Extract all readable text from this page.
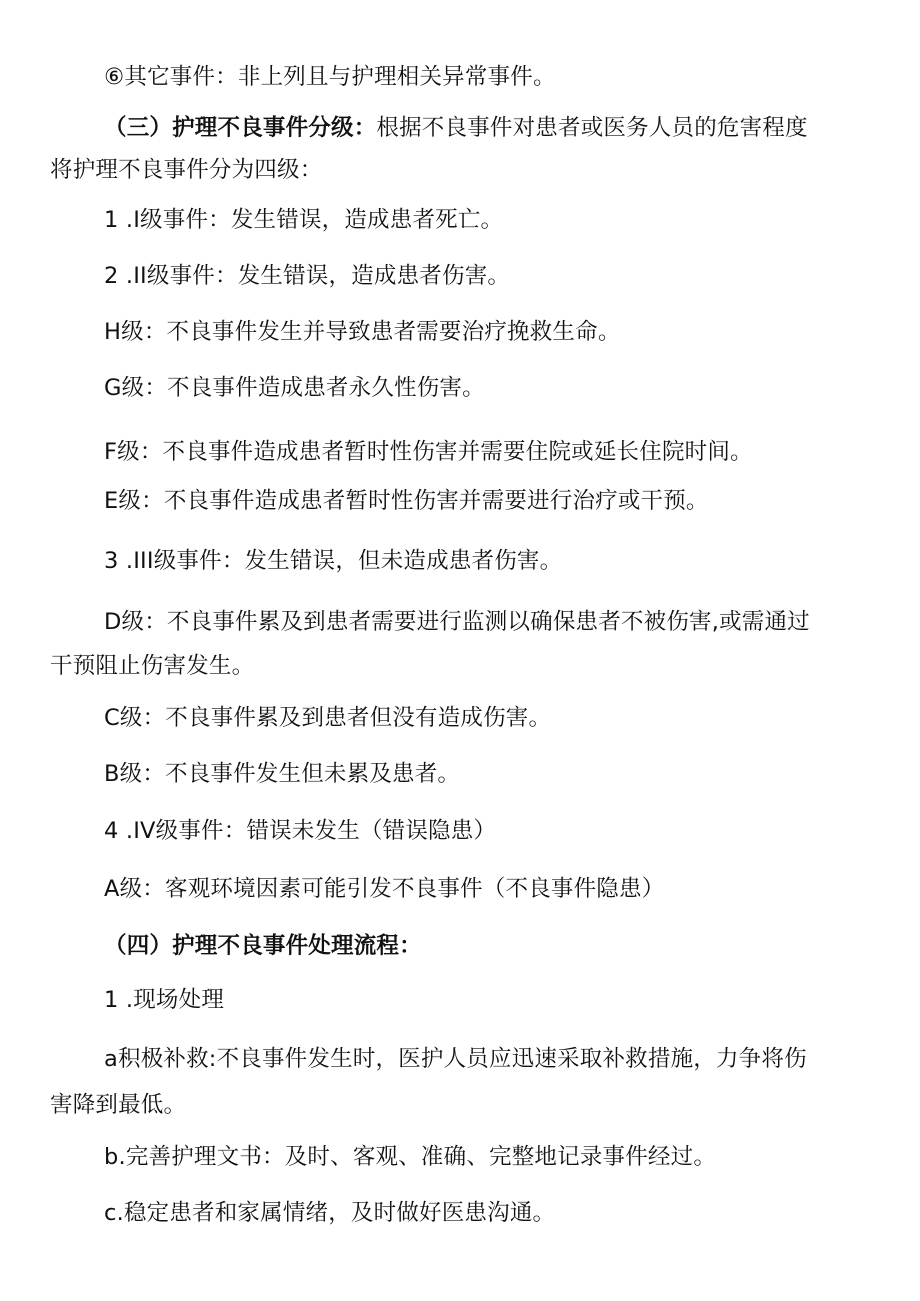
⑥其它事件：非上列且与护理相关异常事件。
（三）护理不良事件分级：根据不良事件对患者或医务人员的危害程度
将护理不良事件分为四级：
1 .I级事件：发生错误，造成患者死亡。
2 .II级事件：发生错误，造成患者伤害。
H级：不良事件发生并导致患者需要治疗挽救生命。
G级：不良事件造成患者永久性伤害。
F级：不良事件造成患者暂时性伤害并需要住院或延长住院时间。
E级：不良事件造成患者暂时性伤害并需要进行治疗或干预。
3 .III级事件：发生错误，但未造成患者伤害。
D级：不良事件累及到患者需要进行监测以确保患者不被伤害,或需通过
干预阻止伤害发生。
C级：不良事件累及到患者但没有造成伤害。
B级：不良事件发生但未累及患者。
4 .IV级事件：错误未发生（错误隐患）
A级：客观环境因素可能引发不良事件（不良事件隐患）
（四）护理不良事件处理流程：
1 .现场处理
a积极补救:不良事件发生时，医护人员应迅速采取补救措施，力争将伤
害降到最低。
b.完善护理文书：及时、客观、准确、完整地记录事件经过。
c.稳定患者和家属情绪，及时做好医患沟通。
